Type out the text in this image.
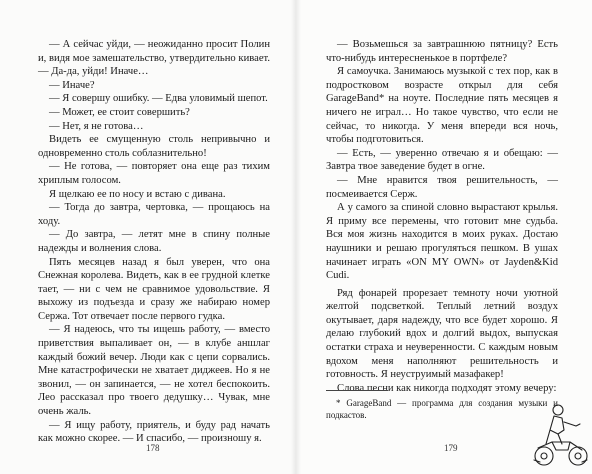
— А сейчас уйди, — неожиданно просит Полин и, видя мое замешательство, утвердительно кивает. — Да-да, уйди! Иначе…

— Иначе?

— Я совершу ошибку. — Едва уловимый шепот.

— Может, ее стоит совершить?

— Нет, я не готова…

Видеть ее смущенную столь непривычно и одновременно столь соблазнительно!

— Не готова, — повторяет она еще раз тихим хриплым голосом.

Я щелкаю ее по носу и встаю с дивана.

— Тогда до завтра, чертовка, — прощаюсь на ходу.

— До завтра, — летят мне в спину полные надежды и волнения слова.

Пять месяцев назад я был уверен, что она Снежная королева. Видеть, как в ее грудной клетке тает, — ни с чем не сравнимое удовольствие. Я выхожу из подъезда и сразу же набираю номер Сержа. Тот отвечает после первого гудка.

— Я надеюсь, что ты ищешь работу, — вместо приветствия выпаливает он, — в клубе аншлаг каждый божий вечер. Люди как с цепи сорвались. Мне катастрофически не хватает диджеев. Но я не звонил, — он запинается, — не хотел беспокоить. Лео рассказал про твоего дедушку… Чувак, мне очень жаль.

— Я ищу работу, приятель, и буду рад начать как можно скорее. — И спасибо, — произношу я.

178

— Возьмешься за завтрашнюю пятницу? Есть что-нибудь интересненькое в портфеле?

Я самоучка. Занимаюсь музыкой с тех пор, как в подростковом возрасте открыл для себя GarageBand* на ноуте. Последние пять месяцев я ничего не играл… Но такое чувство, что если не сейчас, то никогда. У меня впереди вся ночь, чтобы подготовиться.

— Есть, — уверенно отвечаю я и обещаю: — Завтра твое заведение будет в огне.

— Мне нравится твоя решительность, — посмеивается Серж.

А у самого за спиной словно вырастают крылья. Я приму все перемены, что готовит мне судьба. Вся моя жизнь находится в моих руках. Достаю наушники и решаю прогуляться пешком. В ушах начинает играть «ON MY OWN» от Jayden&Kid Cudi.

Ряд фонарей прорезает темноту ночи уютной желтой подсветкой. Теплый летний воздух окутывает, даря надежду, что все будет хорошо. Я делаю глубокий вдох и долгий выдох, выпуская остатки страха и неуверенности. С каждым новым вдохом меня наполняют решительность и готовность. Я неуструимый мазафакер!

Слова песни как никогда подходят этому вечеру:

* GarageBand — программа для создания музыки и подкастов.

179
